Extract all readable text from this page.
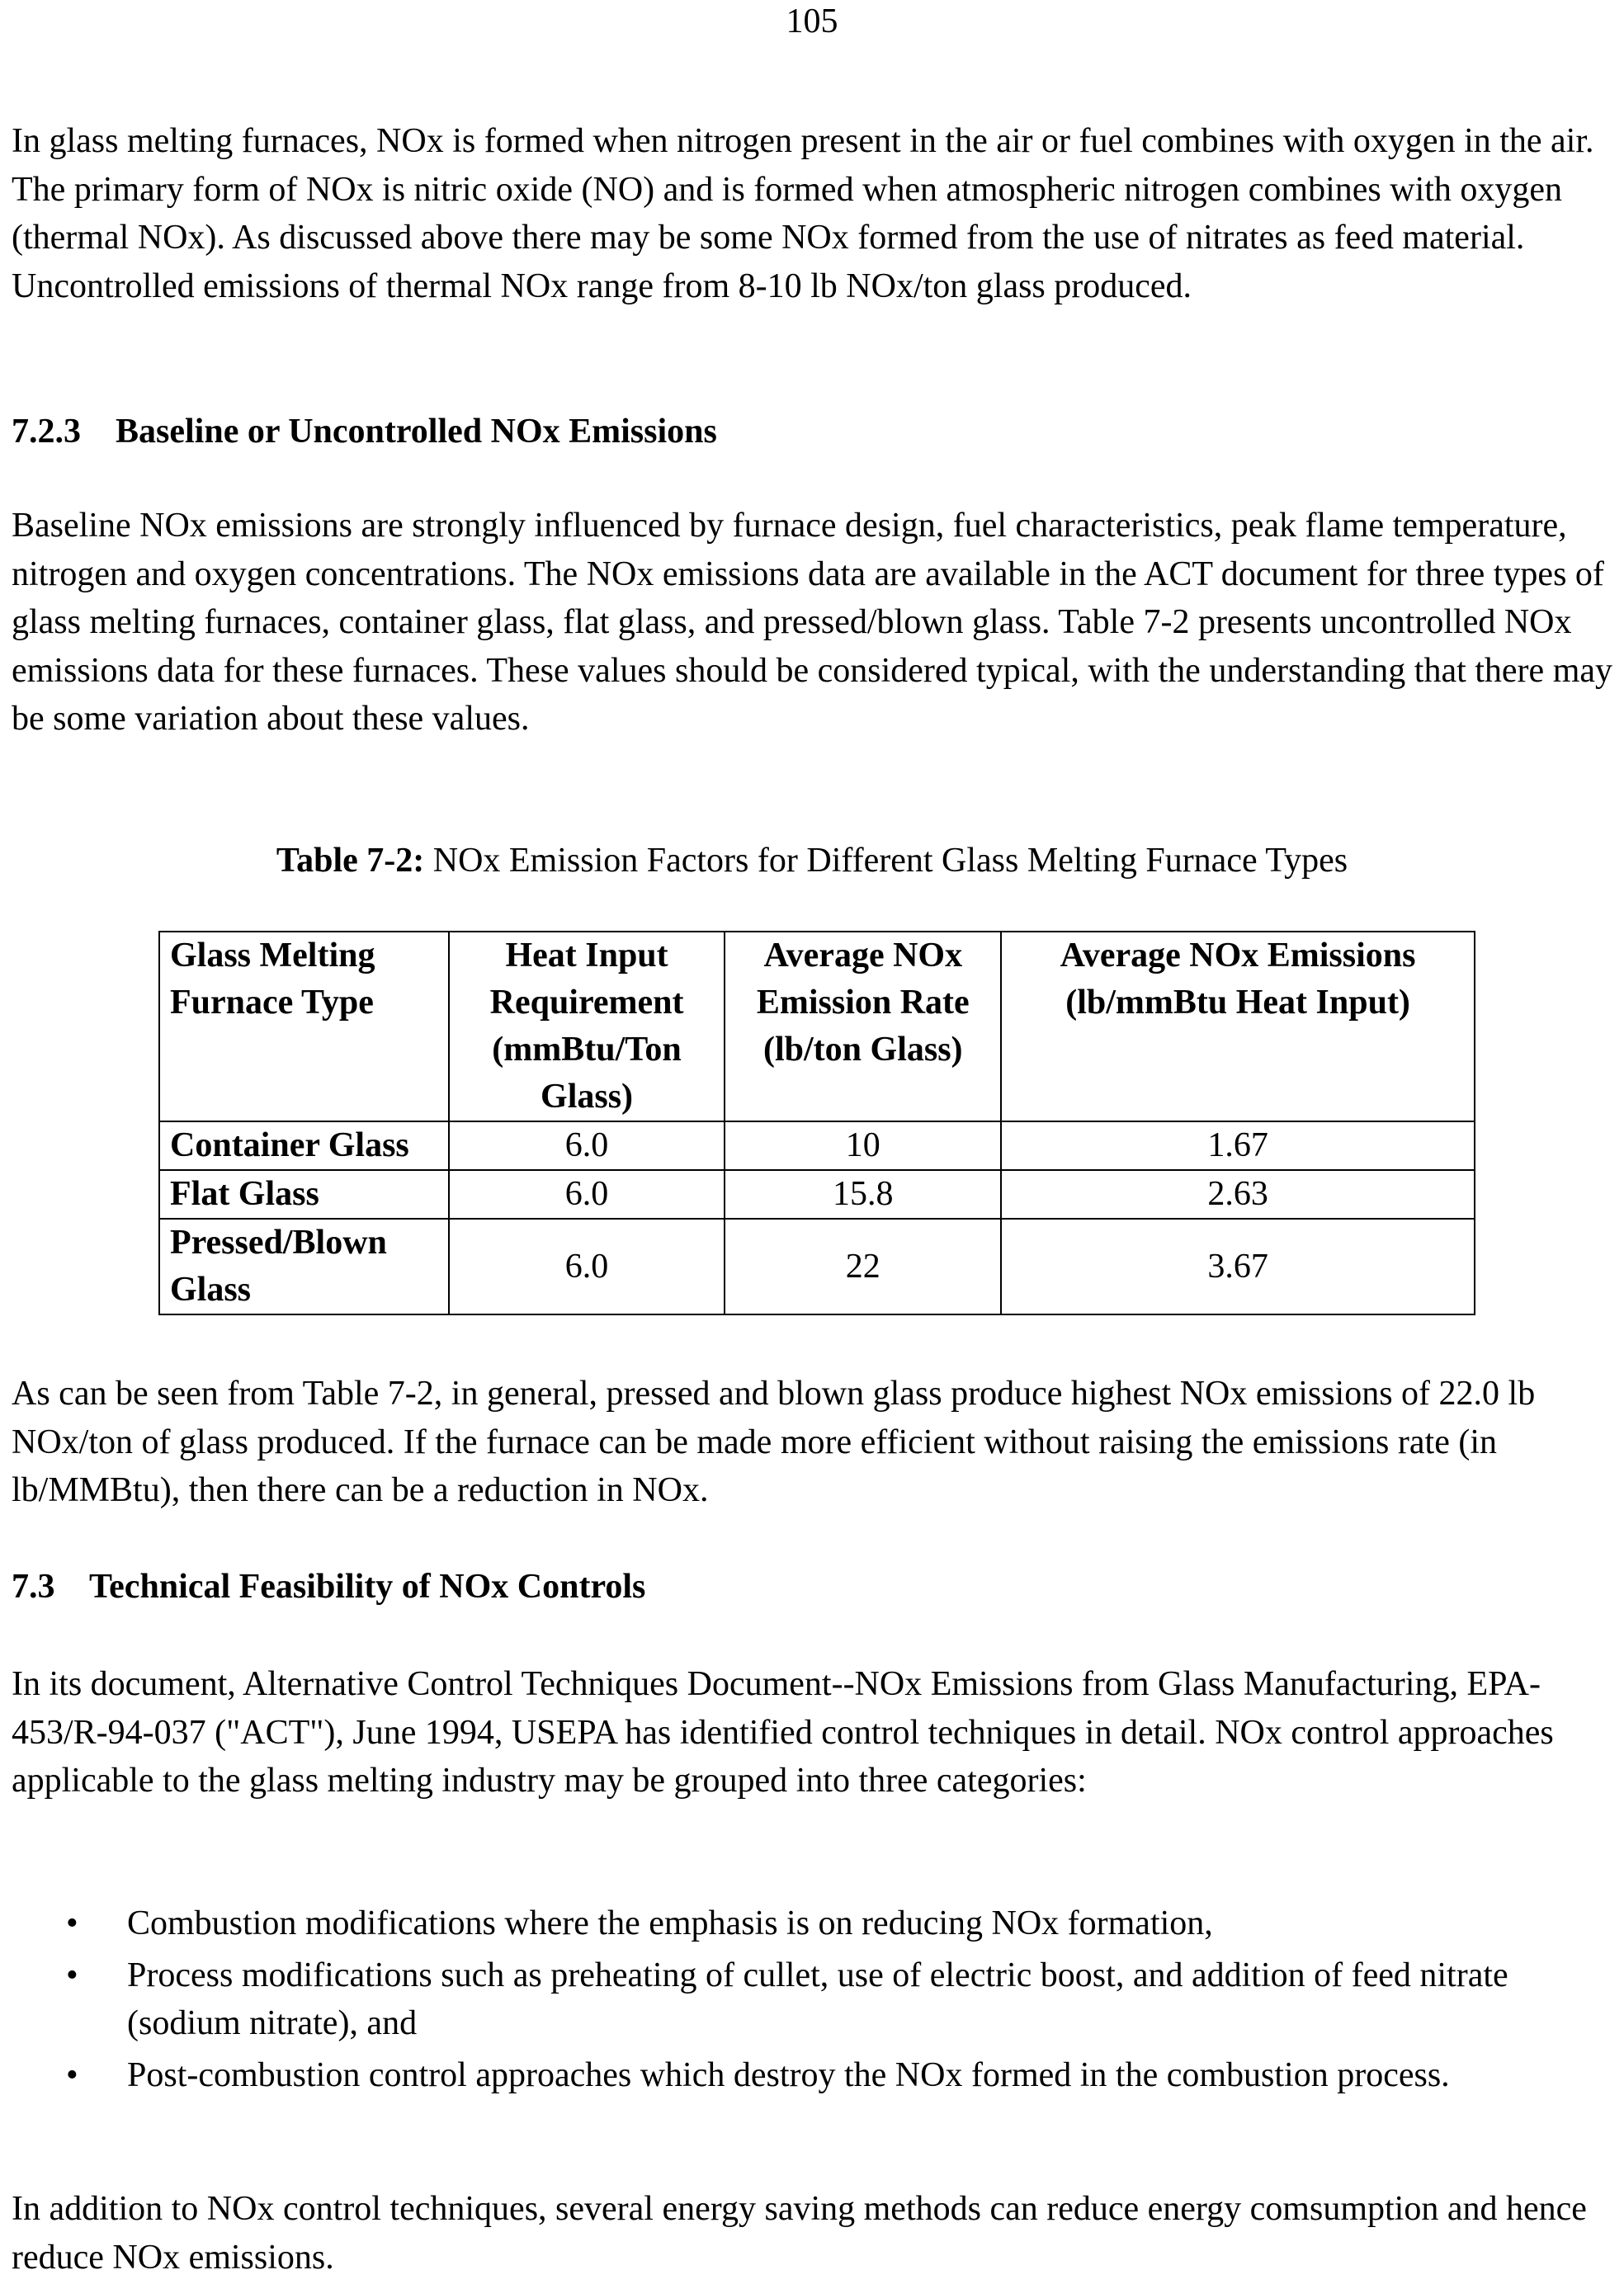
105

In glass melting furnaces, NOx is formed when nitrogen present in the air or fuel combines with oxygen in the air. The primary form of NOx is nitric oxide (NO) and is formed when atmospheric nitrogen combines with oxygen (thermal NOx). As discussed above there may be some NOx formed from the use of nitrates as feed material. Uncontrolled emissions of thermal NOx range from 8-10 lb NOx/ton glass produced.

7.2.3 Baseline or Uncontrolled NOx Emissions

Baseline NOx emissions are strongly influenced by furnace design, fuel characteristics, peak flame temperature, nitrogen and oxygen concentrations. The NOx emissions data are available in the ACT document for three types of glass melting furnaces, container glass, flat glass, and pressed/blown glass. Table 7-2 presents uncontrolled NOx emissions data for these furnaces. These values should be considered typical, with the understanding that there may be some variation about these values.

Table 7-2: NOx Emission Factors for Different Glass Melting Furnace Types
Glass Melting Furnace Type	Heat Input Requirement (mmBtu/Ton Glass)	Average NOx Emission Rate (lb/ton Glass)	Average NOx Emissions (lb/mmBtu Heat Input)
Container Glass	6.0	10	1.67
Flat Glass	6.0	15.8	2.63
Pressed/Blown Glass	6.0	22	3.67

As can be seen from Table 7-2, in general, pressed and blown glass produce highest NOx emissions of 22.0 lb NOx/ton of glass produced. If the furnace can be made more efficient without raising the emissions rate (in lb/MMBtu), then there can be a reduction in NOx.

7.3 Technical Feasibility of NOx Controls

In its document, Alternative Control Techniques Document--NOx Emissions from Glass Manufacturing, EPA-453/R-94-037 ("ACT"), June 1994, USEPA has identified control techniques in detail. NOx control approaches applicable to the glass melting industry may be grouped into three categories:

• Combustion modifications where the emphasis is on reducing NOx formation,
• Process modifications such as preheating of cullet, use of electric boost, and addition of feed nitrate (sodium nitrate), and
• Post-combustion control approaches which destroy the NOx formed in the combustion process.

In addition to NOx control techniques, several energy saving methods can reduce energy comsumption and hence reduce NOx emissions.
